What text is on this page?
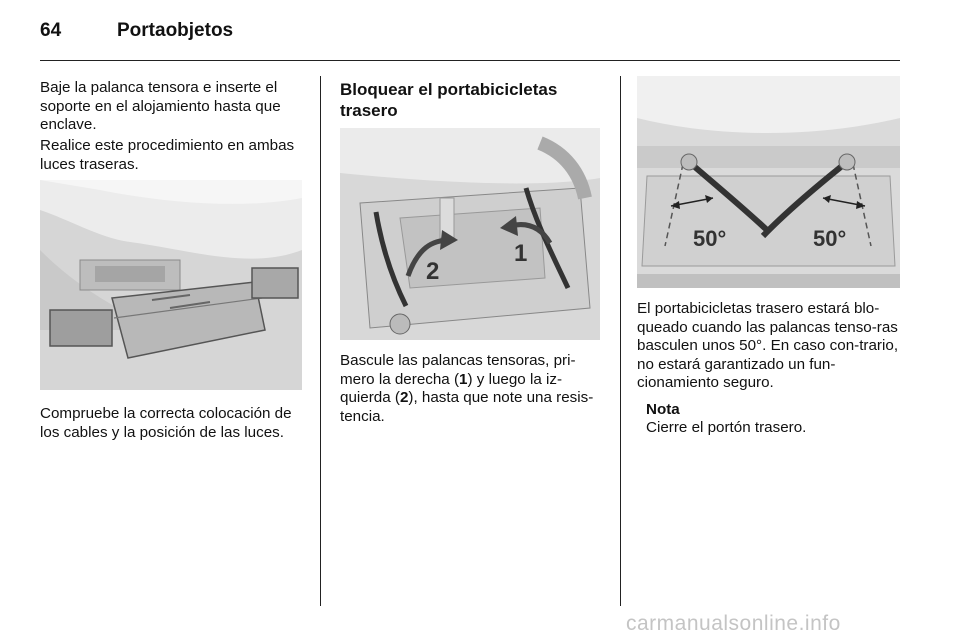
64	Portaobjetos

Baje la palanca tensora e inserte el soporte en el alojamiento hasta que enclave.

Realice este procedimiento en ambas luces traseras.

Compruebe la correcta colocación de los cables y la posición de las luces.

Bloquear el portabicicletas trasero
2
1

Bascule las palancas tensoras, pri-mero la derecha (1) y luego la iz-quierda (2), hasta que note una resis-tencia.

50°	50°

El portabicicletas trasero estará blo-queado cuando las palancas tenso-ras basculen unos 50°. En caso con-trario, no estará garantizado un fun-cionamiento seguro.

Nota

Cierre el portón trasero.

carmanualsonline.info
